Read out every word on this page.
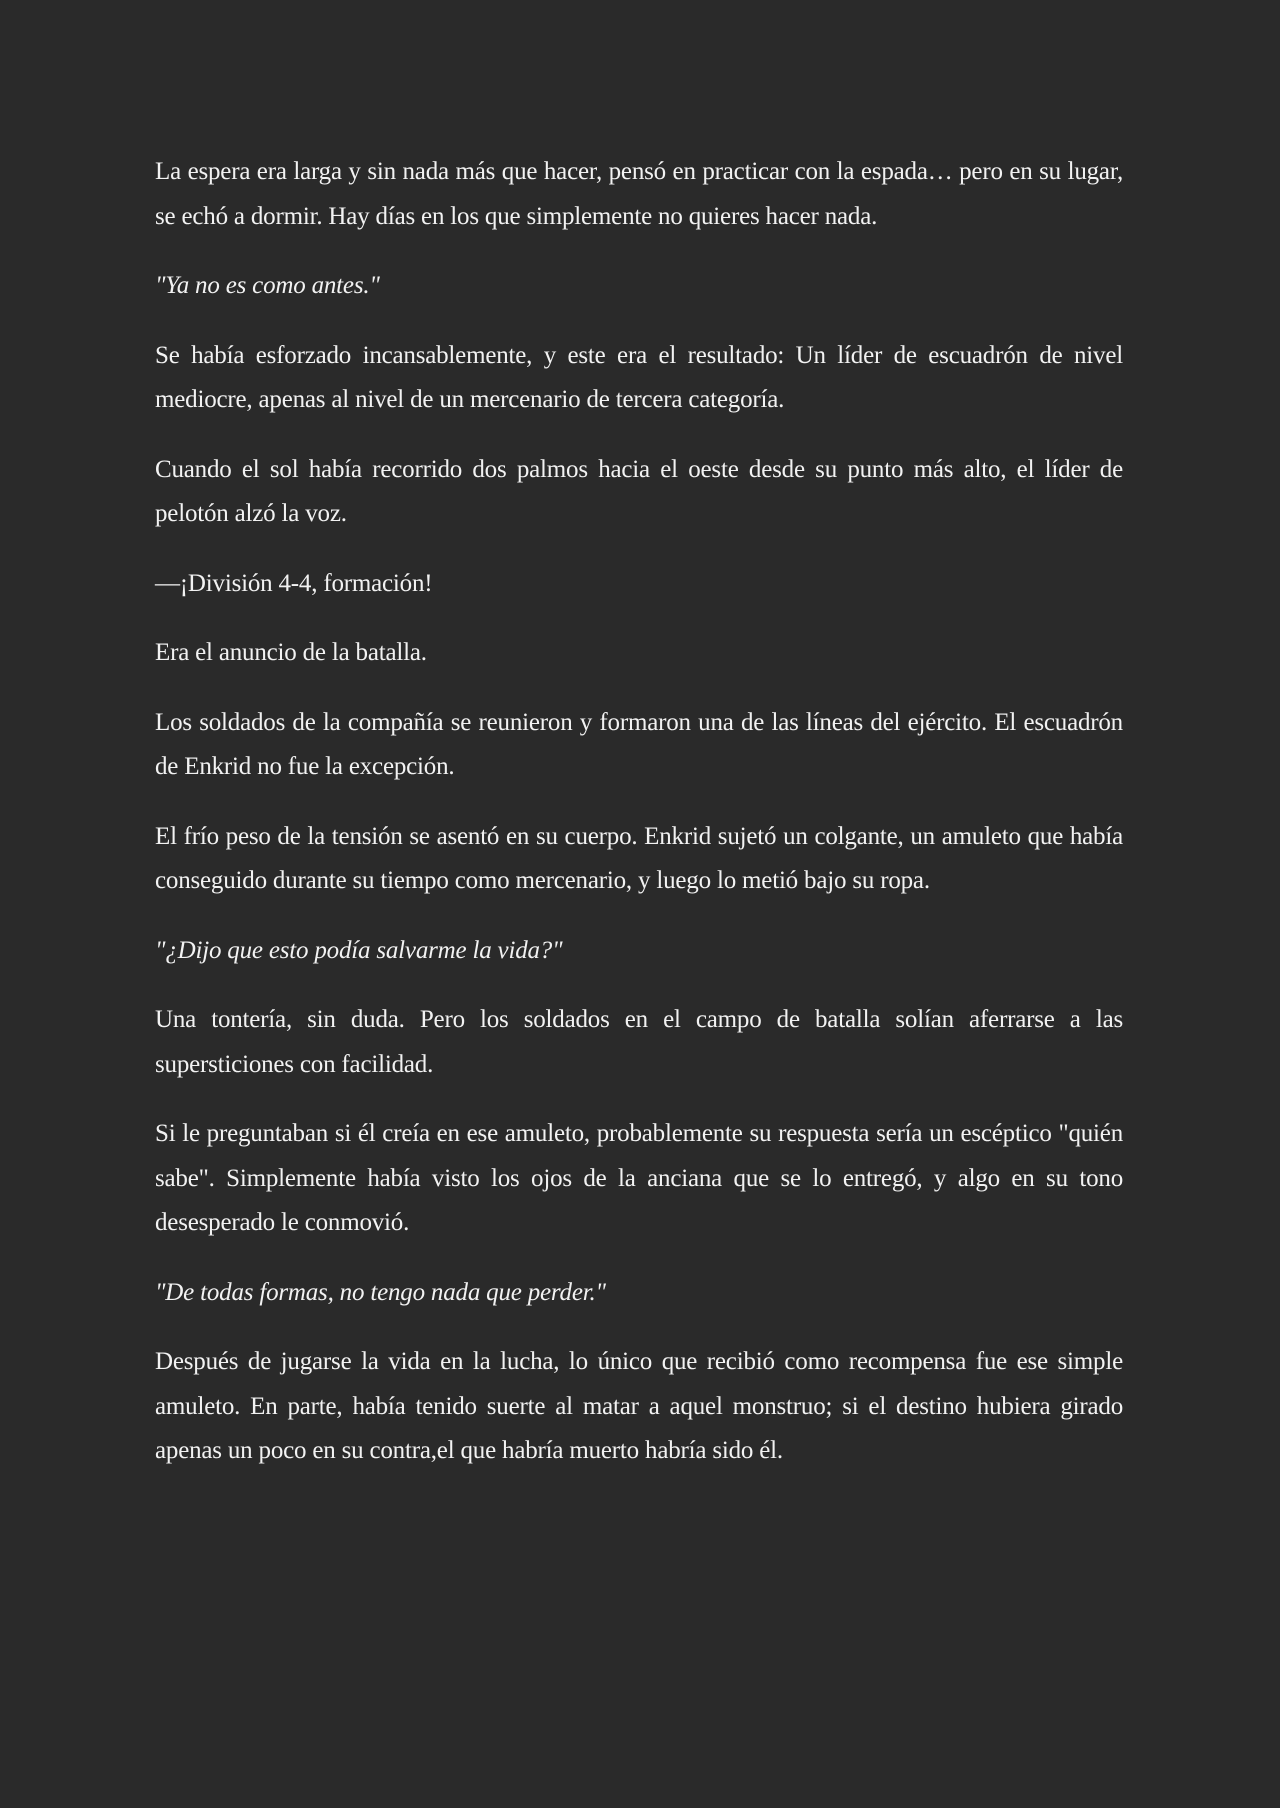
La espera era larga y sin nada más que hacer, pensó en practicar con la espada… pero en su lugar, se echó a dormir. Hay días en los que simplemente no quieres hacer nada.

"Ya no es como antes."

Se había esforzado incansablemente, y este era el resultado: Un líder de escuadrón de nivel mediocre, apenas al nivel de un mercenario de tercera categoría.

Cuando el sol había recorrido dos palmos hacia el oeste desde su punto más alto, el líder de pelotón alzó la voz.

—¡División 4-4, formación!

Era el anuncio de la batalla.

Los soldados de la compañía se reunieron y formaron una de las líneas del ejército. El escuadrón de Enkrid no fue la excepción.

El frío peso de la tensión se asentó en su cuerpo. Enkrid sujetó un colgante, un amuleto que había conseguido durante su tiempo como mercenario, y luego lo metió bajo su ropa.

"¿Dijo que esto podía salvarme la vida?"

Una tontería, sin duda. Pero los soldados en el campo de batalla solían aferrarse a las supersticiones con facilidad.

Si le preguntaban si él creía en ese amuleto, probablemente su respuesta sería un escéptico "quién sabe". Simplemente había visto los ojos de la anciana que se lo entregó, y algo en su tono desesperado le conmovió.

"De todas formas, no tengo nada que perder."

Después de jugarse la vida en la lucha, lo único que recibió como recompensa fue ese simple amuleto. En parte, había tenido suerte al matar a aquel monstruo; si el destino hubiera girado apenas un poco en su contra,el que habría muerto habría sido él.
